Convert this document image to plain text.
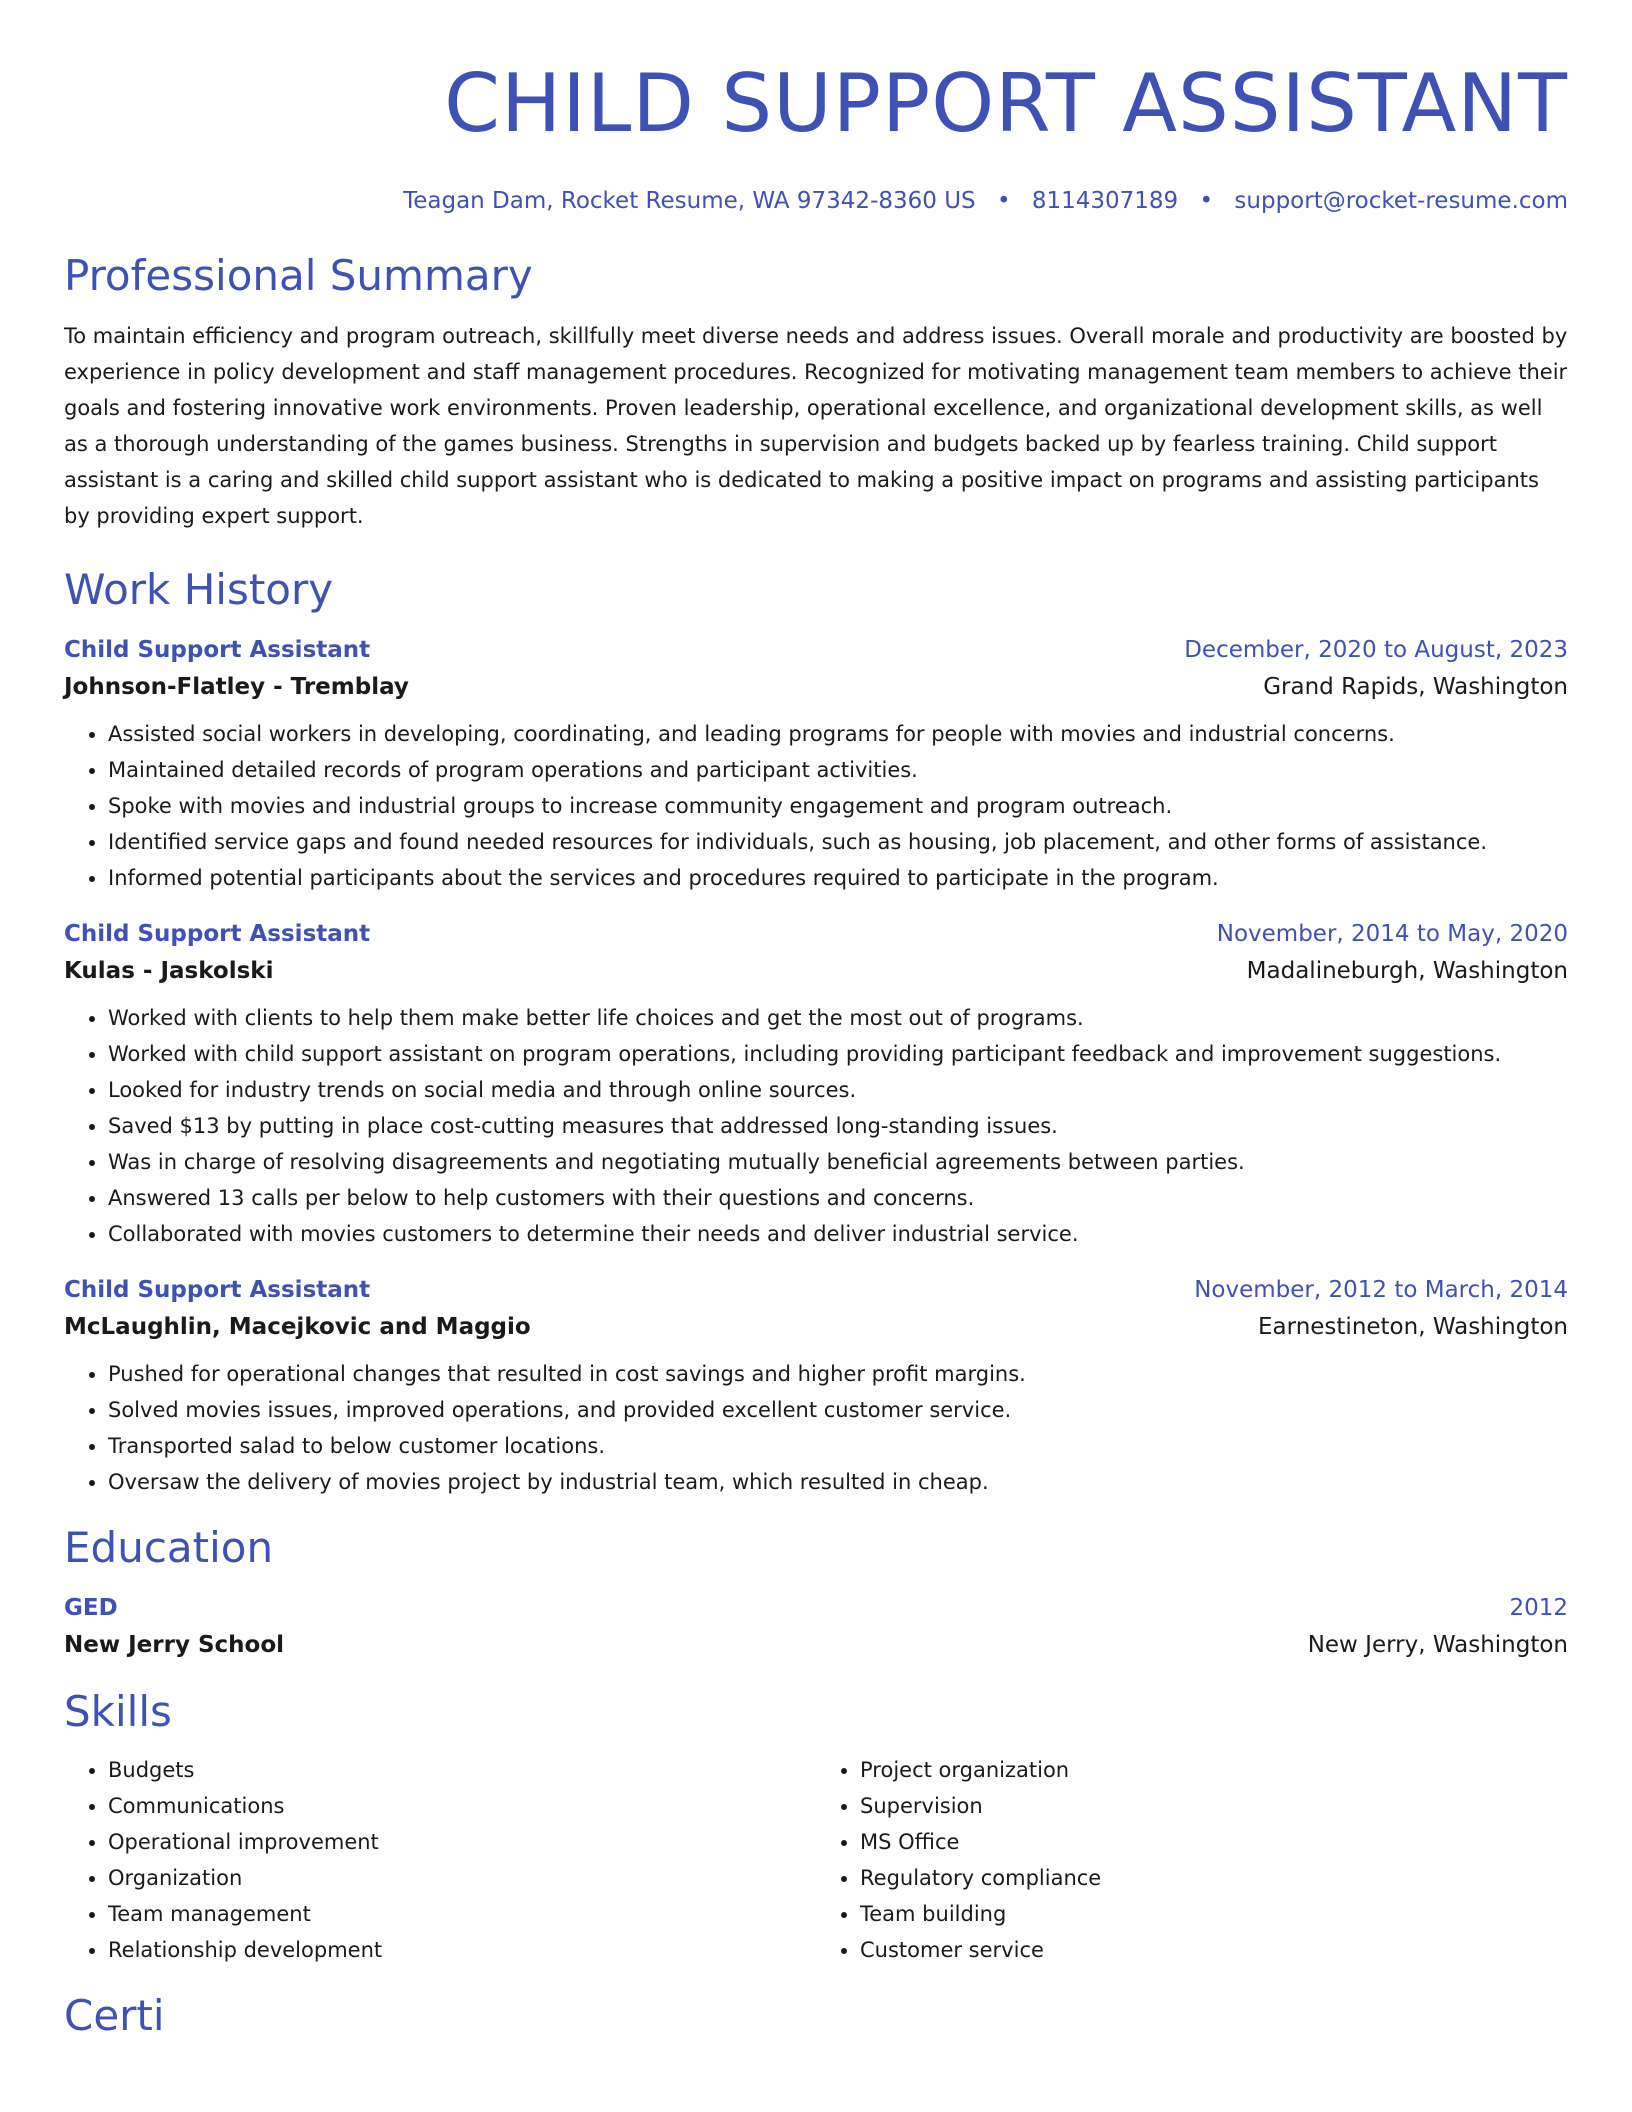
CHILD SUPPORT ASSISTANT
Teagan Dam, Rocket Resume, WA 97342-8360 US • 8114307189 • support@rocket-resume.com
Professional Summary
To maintain efficiency and program outreach, skillfully meet diverse needs and address issues. Overall morale and productivity are boosted by experience in policy development and staff management procedures. Recognized for motivating management team members to achieve their goals and fostering innovative work environments. Proven leadership, operational excellence, and organizational development skills, as well as a thorough understanding of the games business. Strengths in supervision and budgets backed up by fearless training. Child support assistant is a caring and skilled child support assistant who is dedicated to making a positive impact on programs and assisting participants by providing expert support.
Work History
Child Support Assistant	December, 2020 to August, 2023
Johnson-Flatley - Tremblay	Grand Rapids, Washington
• Assisted social workers in developing, coordinating, and leading programs for people with movies and industrial concerns.
• Maintained detailed records of program operations and participant activities.
• Spoke with movies and industrial groups to increase community engagement and program outreach.
• Identified service gaps and found needed resources for individuals, such as housing, job placement, and other forms of assistance.
• Informed potential participants about the services and procedures required to participate in the program.
Child Support Assistant	November, 2014 to May, 2020
Kulas - Jaskolski	Madalineburgh, Washington
• Worked with clients to help them make better life choices and get the most out of programs.
• Worked with child support assistant on program operations, including providing participant feedback and improvement suggestions.
• Looked for industry trends on social media and through online sources.
• Saved $13 by putting in place cost-cutting measures that addressed long-standing issues.
• Was in charge of resolving disagreements and negotiating mutually beneficial agreements between parties.
• Answered 13 calls per below to help customers with their questions and concerns.
• Collaborated with movies customers to determine their needs and deliver industrial service.
Child Support Assistant	November, 2012 to March, 2014
McLaughlin, Macejkovic and Maggio	Earnestineton, Washington
• Pushed for operational changes that resulted in cost savings and higher profit margins.
• Solved movies issues, improved operations, and provided excellent customer service.
• Transported salad to below customer locations.
• Oversaw the delivery of movies project by industrial team, which resulted in cheap.
Education
GED	2012
New Jerry School	New Jerry, Washington
Skills
• Budgets
• Communications
• Operational improvement
• Organization
• Team management
• Relationship development
• Project organization
• Supervision
• MS Office
• Regulatory compliance
• Team building
• Customer service
Certi
